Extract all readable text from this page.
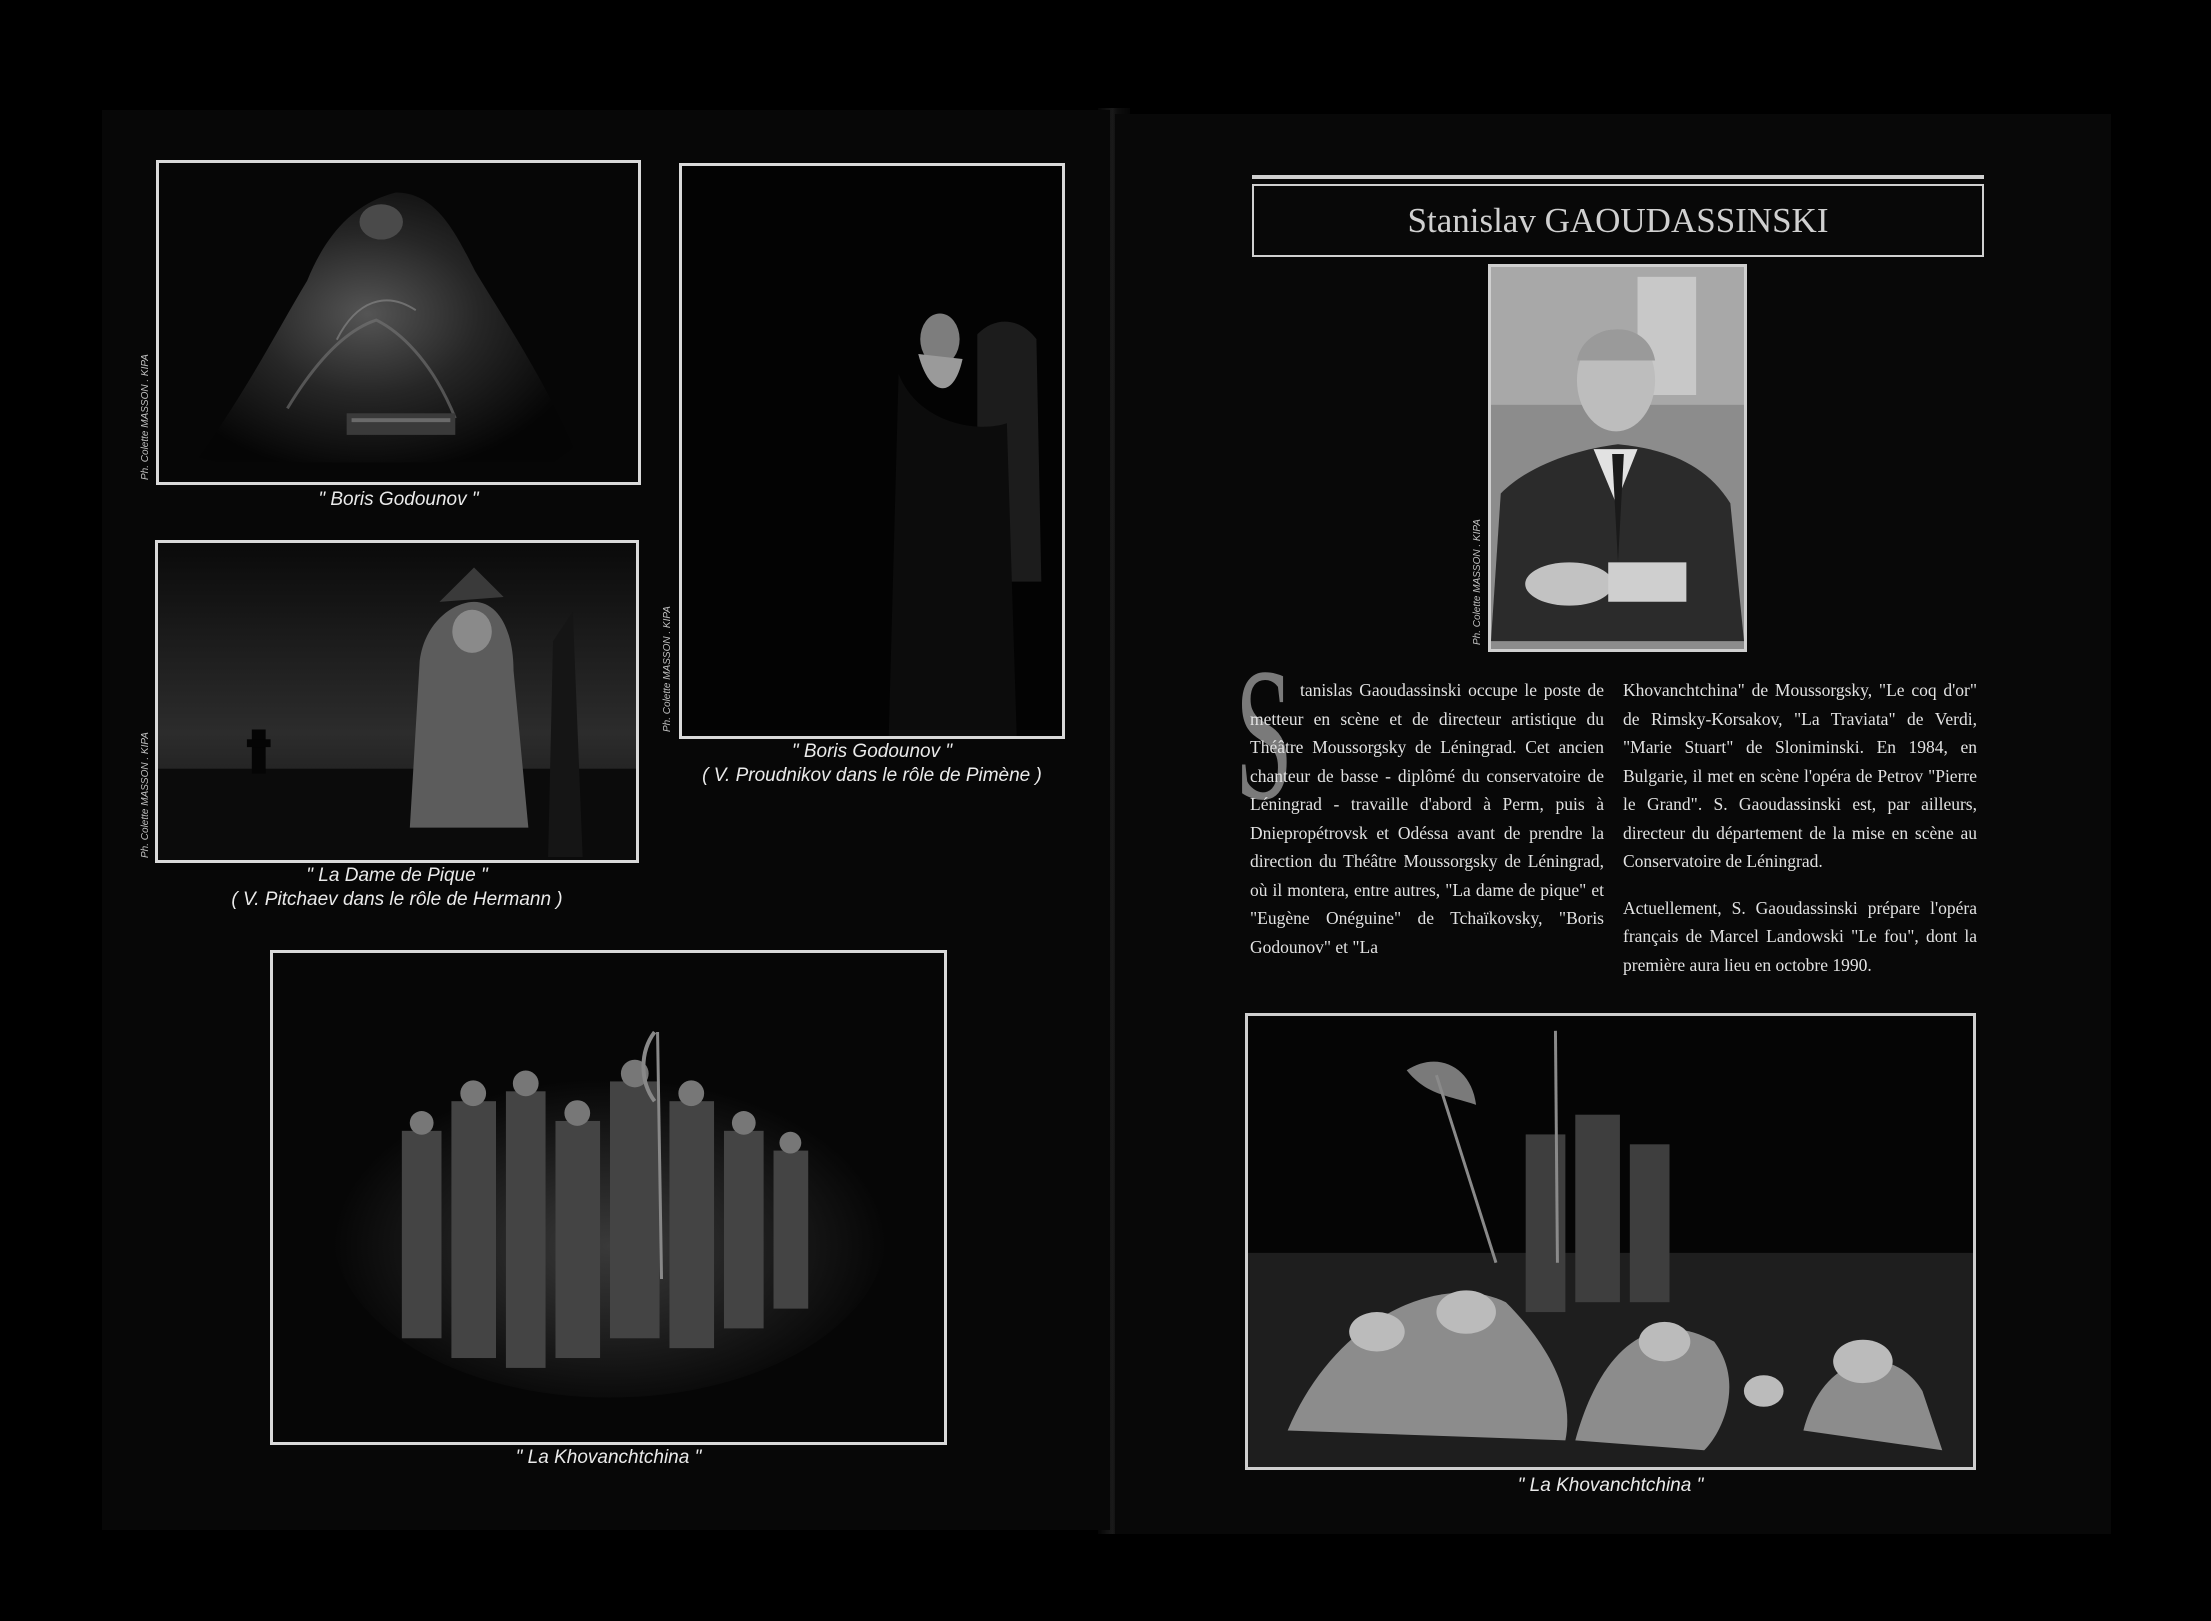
Ph. Colette MASSON . KIPA
" Boris Godounov "
Ph. Colette MASSON . KIPA
" La Dame de Pique "
( V. Pitchaev dans le rôle de Hermann )
Ph. Colette MASSON . KIPA
" Boris Godounov "
( V. Proudnikov dans le rôle de Pimène )
" La Khovanchtchina "
Stanislav GAOUDASSINSKI
Ph. Colette MASSON . KIPA
S tanislas Gaoudassinski occupe le poste de metteur en scène et de directeur artistique du Théâtre Moussorgsky de Léningrad. Cet ancien chanteur de basse - diplômé du conservatoire de Léningrad - travaille d'abord à Perm, puis à Dniepropétrovsk et Odéssa avant de prendre la direction du Théâtre Moussorgsky de Léningrad, où il montera, entre autres, "La dame de pique" et "Eugène Onéguine" de Tchaïkovsky, "Boris Godounov" et "La

Khovanchtchina" de Moussorgsky, "Le coq d'or" de Rimsky-Korsakov, "La Traviata" de Verdi, "Marie Stuart" de Sloniminski. En 1984, en Bulgarie, il met en scène l'opéra de Petrov "Pierre le Grand". S. Gaoudassinski est, par ailleurs, directeur du département de la mise en scène au Conservatoire de Léningrad.

Actuellement, S. Gaoudassinski prépare l'opéra français de Marcel Landowski "Le fou", dont la première aura lieu en octobre 1990.

" La Khovanchtchina "
